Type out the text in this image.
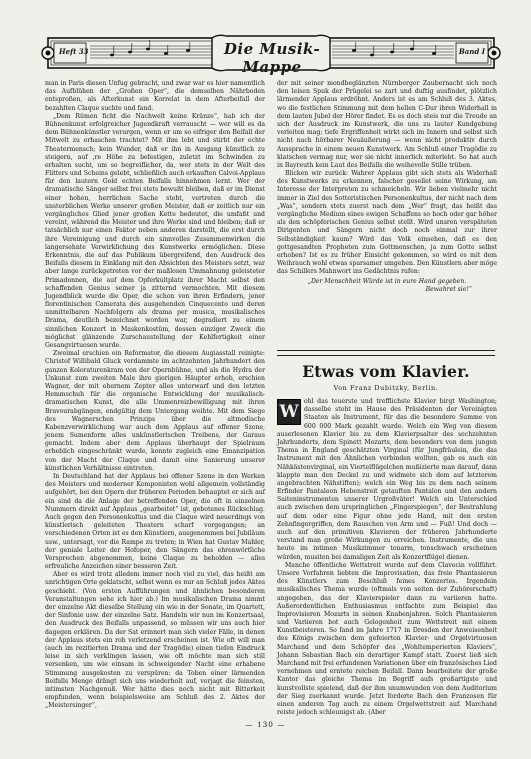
Heft 33	Die Musik-Mappe
Band I

man in Paris diesen Unfug gebracht, und zwar war es hier namentlich das Aufblühen der „Großen Oper“, die demselben Nährboden entsproßen, als Afterkunst ein Korrelat in dem Afterbeifall der bezahlten Claque suchte und fand.

„Dem Rümen ficht die Nachwelt keine Kränze“, hab ich der Bühnenkunst erfolgreicher Jugendkraft verrauscht — wer will es da dem Bühnenkünstler verargen, wenn er um so eifriger den Beifall der Mitwelt zu erhaschen trachtet? Mit ihm lebt und stirbt der echte Theatermensch; kein Wunder, daß er ihn in Ausgang künstlich zu steigern, auf ‚re Höhe zu befestigen, zuletzt im Schwinden zu erhalten sucht, um so begreiflicher, da, wer stets in der Welt des Flitters und Scheins gelebt, schließlich auch erkauften Calvoi-Applaus für den lautern Gold echten Beifalls hinnehmen lernt. Wer der dramatische Sänger selbst frei stets bewußt bleiben, daß er im Dienst einer hohen, herrlichen Sache steht, vertreten durch die unsterblichen Werke unserer großen Meister, daß er zeitlich nur ein vergängliches Glied jener großen Kette bedeutet, die umfaßt und vereint, während die Meister und ihre Werke sind und bleiben; daß er tatsächlich nur einen Faktor neben anderen darstellt, die erst durch ihre Vereinigung und durch ein sinnvolles Zusammenwirken die langersehnte Verwirklichung des Kunstwerks ermöglichen. Diese Erkenntnis, die auf das Publikum übergreifend, den Ausdruck des Beifalls diesem in Einklang mit den Absichten des Meisters setzt, war aber lange zurückgetreten vor der maßlosen Ummahnung geleisteter Primadonnen, die auf dem Opferkultplatz ihrer Macht selbst den schaffenden Genius seiner ja zitternd vermochten. Mit diesem Jugendblick wurde die Oper, die schon von ihren Erfindern, jener florentinischen Camerata des ausgehenden Cinquecento und deren unmittelbaren Nachfolgern als drama per musica, musikalisches Drama, deutlich bezeichnet worden war, degradiert zu einem sinnlichen Konzert in Maskenkostüm, dessen einziger Zweck die möglichst glänzende Zurschaustellung der Kehlfertigkeit einer Gesangvirtuosen wurde.

Zweimal erschien ein Reformator, die diesem Augiasstall reinigte: Christof Willibald Gluck verdammte im achtzehnten Jahrhundert den ganzen Koloraturenkram von der Opernbühne, und als die Hydra der Unkunst zum zweiten Male ihre gierigen Häupter erhob, erschien Wagner, der mit ehernem Zepter alles unterwarf und den letzten Hemmschuh für die organische Entwicklung der musikalisch-dramatischen Kunst, die alle Ummenreizbewilligung mit ihren Bravourabgängen, endgültig dem Untergang weihte. Mit dem Siege des Wagnerschen Prinzips über die altmodische Kabenzverwirklichung war auch dem Applaus auf offener Szene, jenem Sumenform alles unkünstlerischen Treibens, der Garaus gemacht. Indem aber dem Applaus überhaupt der Spielraum erheblich eingeschränkt wurde, konnte zugleich eine Emanzipation von der Macht der Claque und damit eine Sanierung unserer künstlichen Verhältnisse eintreten.

In Deutschland hat der Applaus bei offener Szene in den Werken des Meisters und moderner Komponisten wohl allgemein vollständig aufgehört, bei den Opern der früheren Perioden behauptet er sich auf ein sind da die Anlage der betreffenden Oper, die oft in einzelnen Nummern direkt auf Applaus „gearbeitet“ ist, gebotenes Rückschlag. Auch gegen den Personenkultus und die Claque wird neuerdings von künstlerisch geleiteten Theatern scharf vorgegangen; an verschiedenen Orten ist es den Künstlern, ausgenommen bei Jubiläum usw., untersagt, vor die Rampe zu treten; in Wien hat Gustav Mahler, der geniale Leiter der Hofoper, den Sängern das ehrenwörtliche Versprechen abgenommen, keine Claque zu beholden — alles erfreuliche Anzeichen einer besseren Zeit.

Aber es wird trotz alledem immer noch viel zu viel, das heißt am unrichtigen Orte geklatscht, selbst wenn es nur an Schluß jedes Aktes geschieht. (Von ersten Aufführungen und ähnlichen besonderen Veranstaltungen sehe ich hier ab.) Im musikalischen Drama nimmt der einzelne Akt dieselbe Stellung ein wie in der Sonate, im Quartett, der Sinfonie usw. der einzelne Satz. Handeln wir nun im Konzertsaal, den Ausdruck des Beifalls unpassend, so müssen wir uns auch hier dagegen erklären. Da der Sat erinnert man sich vieler Fälle, in denen der Applaus stets ein roh verletzend erscheinen ist. Wie oft will man (auch im rezitierten Drama und der Tragödie) einen tiefen Eindruck leise in sich verklingen lassen, wie oft möchte man sich still versenken, um wie einsam in schweigender Nacht eine erhabene Stimmung ausgekosten zu verspüren: da Toben einer lärmenden Beifalls Menge drängt sich uns wiederholt auf, verjagt die feinsten, intimsten Nachgenuß. Wer hätte dies noch nicht mit Bitterkeit empfunden, wenn beispielsweise am Schluß des 2. Aktes der „Meistersinger“,

der mit seiner mondbeglänzten Nürnberger Zaubernacht sich noch den leisen Spuk der Prügelei so zart und duftig ausfindet, plötzlich lärmender Applaus erdröhnt. Anders ist es am Schluß des 3. Aktes, wo die festlichen Stimmung mit dem hellen C-Dur ihren Widerhall in dem lauten Jubel der Hörer findet. Es es doch steis nur die Treude an sich der Ausdruck im Kunstwerk, die uns zu lauter Kundgebung verleiten mag; tiefe Ergriffenheit wirkt sich im Innern und selbst sich nicht nach hörbarer Neuäußerung — wenn nicht produktiv durch Aussprache in einem neuen Kunstwerk. Am Schluß einer Tragödie zu klatschen vermag nur, wer sie nicht innerlich miterlebt. So hat auch in Bayreuth kein Laut des Beifalls die weihevolle Stille trüben.

Blicken wir zurück: Wahrer Applaus gibt sich stets als Widerhall des Kunstwerks zu erkennen, falscher gesellet seine Wirkung, am Interesse der Interpreten zu schmeicheln. Wir lieben vielmehr nicht immer in Ziel des Sotteristischen Personenkultus, der nicht nach dem „Was“, sondern stets zuerst nach dem „Wer“ fragt, das heißt das vergängliche Medium eines ewigen Schaffens so hoch oder gar höher als den schöpferischen Genius selbst stellt. Wird unsren verspäteten Dirigenten und Sängern nicht doch noch einmal zur ihrer Selbständigkeit kaum? Wird das Volk einsehen, daß es den gottgesandten Propheten zum Gottmenschen, ja zum Gotte selbst erhoben? Ist es zu früher Einsicht gekommen, so wird es mit dem Weihrauch wohl etwas sparsamer umgehen. Den Künstlern aber möge das Schillers Mahnwort ins Gedächtnis rufen:

„Der Menschheit Würde ist in eure Hand gegeben.

Bewahret sie!“

Etwas vom Klavier.
Von Franz Dubitzky, Berlin.
W

ohl das teuerste und trefflichste Klavier birgt Washington; dasselbe steht im Hause des Präsidenten der Vereinigten Staaten als Instrument, für das die besondere Summe von 600 000 Mark gezahlt wurde. Welch ein Weg von diesem auserlesenen Klavier bis zu dem Klavierpsalter des sechzehnten Jahrhunderts, dem Spinett Mozarts, dem besonders von dem jungen Thema in England geschätzten Virginal (für Jungfräulein, die das Instrument mit den Ähnlichen verbinden wollten, gab es auch ein Nähkästenvirginal, ein Viertelflügelchen mußizierte man darauf, dann klappte man den Deckel zu und widmete sich dem auf letzterem angebrachten Nähstiften); welch ein Weg bis zu dem nach seinem Erfinder Pantaleon Hebenstreit getauften Pantalon und den andern Saiteninstrumenten unserer Urgroßväter! Welch ein Unterschied auch zwischen dem urspringlichen „Fingerspiegen“, der Bestrahlung auf dem oder eine Figur ohne jede Hand, mit den ersten Zehnfingergriffen, dem Rauschen von Arm und — Fuß! Und doch — auch auf den primitiven Klavieren der früheren Jahrhunderte verstand man große Wirkungen zu erreichen. Instrumente, die uns heute im intimen Musikzimmer tonarm, tonschwach erscheinen würden, musiten bei damaligen Zeit als Konzertflügel dienen.

Manche öffentliche Wettstreit wurde auf dem Clavecin vollführt. Unsere Vorfahren liebten die Improvisation, das freie Phantasieren des Künstlers zum Beschluß feines Konzertes. Irgendein musikalisches Thema wurde (oftmals von seiten der Zuhörerschaft) angegeben, das der Klavierspieler dann zu variieren hatte. Außerordentlichen Enthusiasmus entfachte zum Beispiel das Improvisieren Mozarts in seinen Knabenjahren. Solch Phantasieren und Variieren bot auch Gelegenheit zum Wettstreit mit einem Kunstbeisteren. So fand im Jahre 1717 in Dresden der Anweisenheit des Königs zwischen dem gefeierten Klavier- und Orgelvirtuosen Marchand und dem Schöpfer des „Wohltemperierten Klaviers“, Johann Sebastian Bach ein derartiger Kampf statt. Zuerst ließ sich Marchand mit frei erfundenen Variationen über ein französisches Lied vernehmen und erntete reichen Beifall. Dann bearbeitete der große Kantor das gleiche Thema im Begriff aufs großartigste und kunstvollste spielend, daß der ihm unumwunden von dem Auditorium der Sieg zuerkannt wurde. Jetzt forderte Bach den Franzosen für einen anderen Tag auch zu einem Orgelwettstreit auf. Marchand reiste jedoch schleunigst ab. (Aber

— 130 —
